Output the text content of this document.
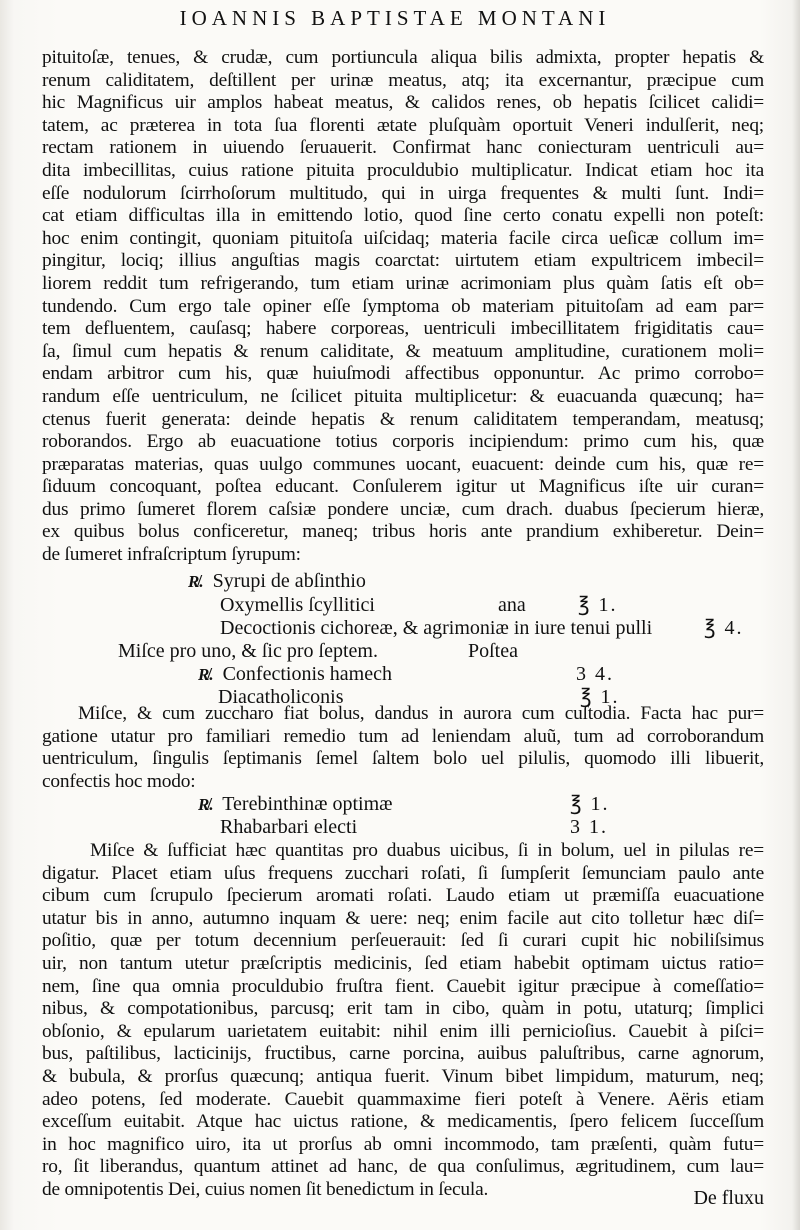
IOANNIS BAPTISTAE MONTANI
pituitoſæ, tenues, & crudæ, cum portiuncula aliqua bilis admixta, propter hepatis &
renum caliditatem, deſtillent per urinæ meatus, atq; ita excernantur, præcipue cum
hic Magnificus uir amplos habeat meatus, & calidos renes, ob hepatis ſcilicet calidi=
tatem, ac præterea in tota ſua florenti ætate pluſquàm oportuit Veneri indulſerit, neq;
rectam rationem in uiuendo ſeruauerit. Confirmat hanc coniecturam uentriculi au=
dita imbecillitas, cuius ratione pituita proculdubio multiplicatur. Indicat etiam hoc ita
eſſe nodulorum ſcirrhoſorum multitudo, qui in uirga frequentes & multi ſunt. Indi=
cat etiam difficultas illa in emittendo lotio, quod ſine certo conatu expelli non poteſt:
hoc enim contingit, quoniam pituitoſa uiſcidaq; materia facile circa ueſicæ collum im=
pingitur, lociq; illius anguſtias magis coarctat: uirtutem etiam expultricem imbecil=
liorem reddit tum refrigerando, tum etiam urinæ acrimoniam plus quàm ſatis eſt ob=
tundendo. Cum ergo tale opiner eſſe ſymptoma ob materiam pituitoſam ad eam par=
tem defluentem, cauſasq; habere corporeas, uentriculi imbecillitatem frigiditatis cau=
ſa, ſimul cum hepatis & renum caliditate, & meatuum amplitudine, curationem moli=
endam arbitror cum his, quæ huiuſmodi affectibus opponuntur. Ac primo corrobo=
randum eſſe uentriculum, ne ſcilicet pituita multiplicetur: & euacuanda quæcunq; ha=
ctenus fuerit generata: deinde hepatis & renum caliditatem temperandam, meatusq;
roborandos. Ergo ab euacuatione totius corporis incipiendum: primo cum his, quæ
præparatas materias, quas uulgo communes uocant, euacuent: deinde cum his, quæ re=
ſiduum concoquant, poſtea educant. Conſulerem igitur ut Magnificus iſte uir curan=
dus primo ſumeret florem caſsiæ pondere unciæ, cum drach. duabus ſpecierum hieræ,
ex quibus bolus conficeretur, maneq; tribus horis ante prandium exhiberetur. Dein=
de ſumeret infraſcriptum ſyrupum:
R̸. Syrupi de abſinthio
Oxymellis ſcyllitici	ana	℥ 1.
Decoctionis cichoreæ, & agrimoniæ in iure tenui pulli	℥ 4.
Miſce pro uno, & ſic pro ſeptem.	Poſtea
R̸. Confectionis hamech	3 4.
Diacatholiconis	℥ 1.
Miſce, & cum zucchаro fiat bolus, dandus in aurora cum cuſtodia. Facta hac pur=
gatione utatur pro familiari remedio tum ad leniendam aluũ, tum ad corroborandum
uentriculum, ſingulis ſeptimanis ſemel ſaltem bolo uel pilulis, quomodo illi libuerit,
confectis hoc modo:
R̸. Terebinthinæ optimæ	℥ 1.
Rhabarbari electi	3 1.
Miſce & ſufficiat hæc quantitas pro duabus uicibus, ſi in bolum, uel in pilulas re=
digatur. Placet etiam uſus frequens zucchari roſati, ſi ſumpſerit ſemunciam paulo ante
cibum cum ſcrupulo ſpecierum aromati roſati. Laudo etiam ut præmiſſa euacuatione
utatur bis in anno, autumno inquam & uere: neq; enim facile aut cito tolletur hæc diſ=
poſitio, quæ per totum decennium perſeuerauit: ſed ſi curari cupit hic nobiliſsimus
uir, non tantum utetur præſcriptis medicinis, ſed etiam habebit optimam uictus ratio=
nem, ſine qua omnia proculdubio fruſtra fient. Cauebit igitur præcipue à comeſſatio=
nibus, & compotationibus, parcusq; erit tam in cibo, quàm in potu, utaturq; ſimplici
obſonio, & epularum uarietatem euitabit: nihil enim illi pernicioſius. Cauebit à piſci=
bus, paſtilibus, lacticinijs, fructibus, carne porcina, auibus paluſtribus, carne agnorum,
& bubula, & prorſus quæcunq; antiqua fuerit. Vinum bibet limpidum, maturum, neq;
adeo potens, ſed moderate. Cauebit quammaxime fieri poteſt à Venere. Aëris etiam
exceſſum euitabit. Atque hac uictus ratione, & medicamentis, ſpero felicem ſucceſſum
in hoc magnifico uiro, ita ut prorſus ab omni incommodo, tam præſenti, quàm futu=
ro, ſit liberandus, quantum attinet ad hanc, de qua conſulimus, ægritudinem, cum lau=
de omnipotentis Dei, cuius nomen ſit benedictum in ſecula.	De fluxu
